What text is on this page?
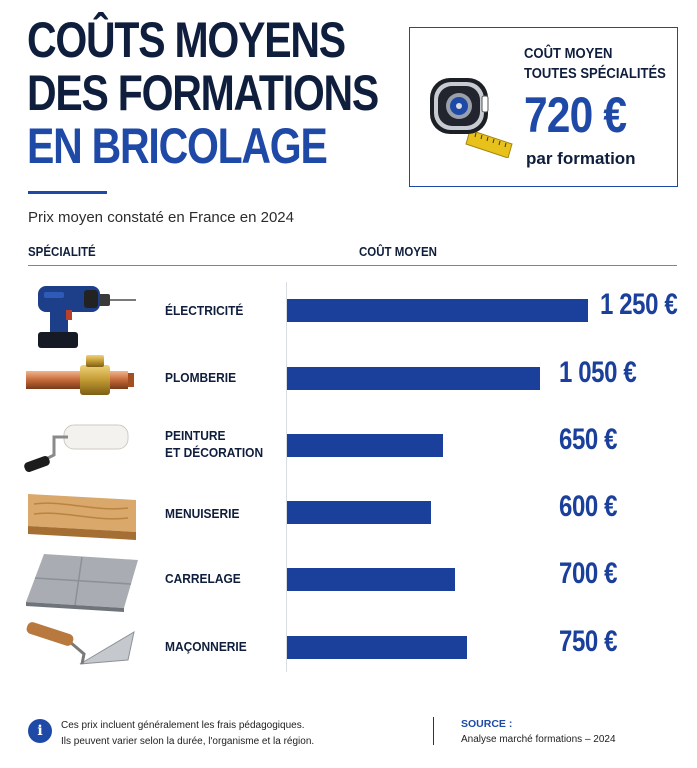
COÛTS MOYENS
DES FORMATIONS
EN BRICOLAGE
Prix moyen constaté en France en 2024
COÛT MOYEN
TOUTES SPÉCIALITÉS
720 €
par formation
SPÉCIALITÉ	COÛT MOYEN
ÉLECTRICITÉ	1 250 €
PLOMBERIE	1 050 €
PEINTURE
ET DÉCORATION	650 €
MENUISERIE	600 €
CARRELAGE	700 €
MAÇONNERIE	750 €
i	Ces prix incluent généralement les frais pédagogiques.
Ils peuvent varier selon la durée, l'organisme et la région.
SOURCE :
Analyse marché formations – 2024
